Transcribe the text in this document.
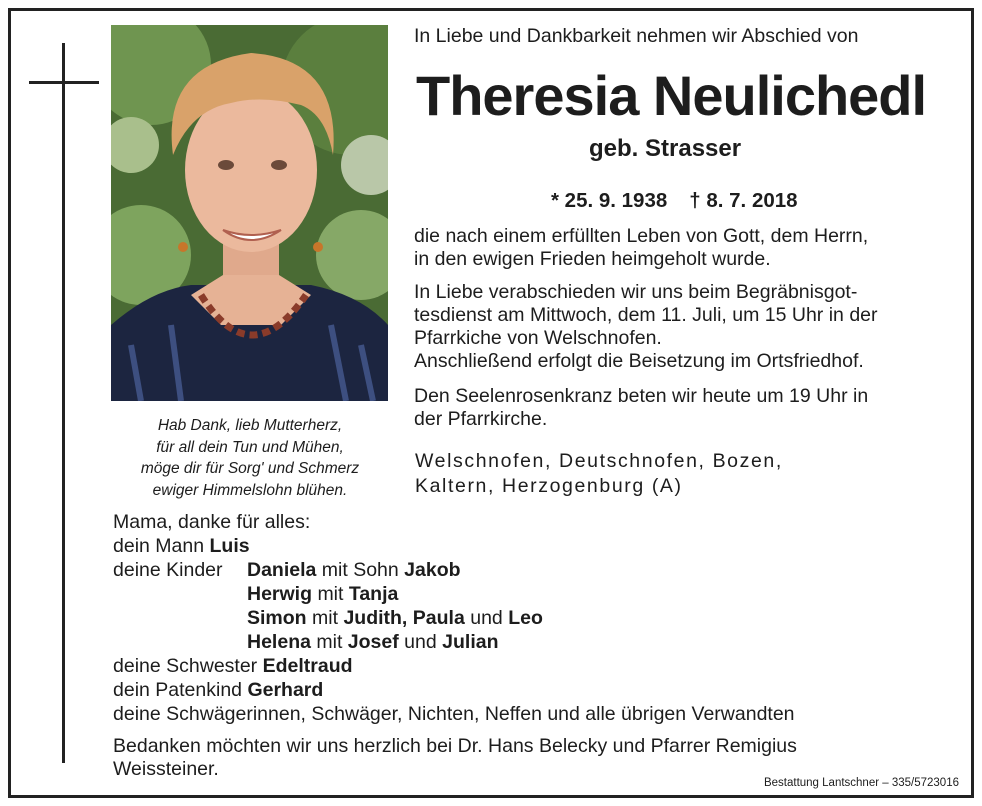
Hab Dank, lieb Mutterherz,
für all dein Tun und Mühen,
möge dir für Sorg' und Schmerz
ewiger Himmelslohn blühen.
In Liebe und Dankbarkeit nehmen wir Abschied von
Theresia Neulichedl
geb. Strasser
* 25. 9. 1938 † 8. 7. 2018
die nach einem erfüllten Leben von Gott, dem Herrn,
in den ewigen Frieden heimgeholt wurde.
In Liebe verabschieden wir uns beim Begräbnisgot-
tesdienst am Mittwoch, dem 11. Juli, um 15 Uhr in der
Pfarrkiche von Welschnofen.
Anschließend erfolgt die Beisetzung im Ortsfriedhof.
Den Seelenrosenkranz beten wir heute um 19 Uhr in
der Pfarrkirche.
Welschnofen, Deutschnofen, Bozen,
Kaltern, Herzogenburg (A)
Mama, danke für alles:
dein Mann Luis
deine Kinder Daniela mit Sohn Jakob
Herwig mit Tanja
Simon mit Judith, Paula und Leo
Helena mit Josef und Julian
deine Schwester Edeltraud
dein Patenkind Gerhard
deine Schwägerinnen, Schwäger, Nichten, Neffen und alle übrigen Verwandten
Bedanken möchten wir uns herzlich bei Dr. Hans Belecky und Pfarrer Remigius
Weissteiner.
Bestattung Lantschner – 335/5723016
